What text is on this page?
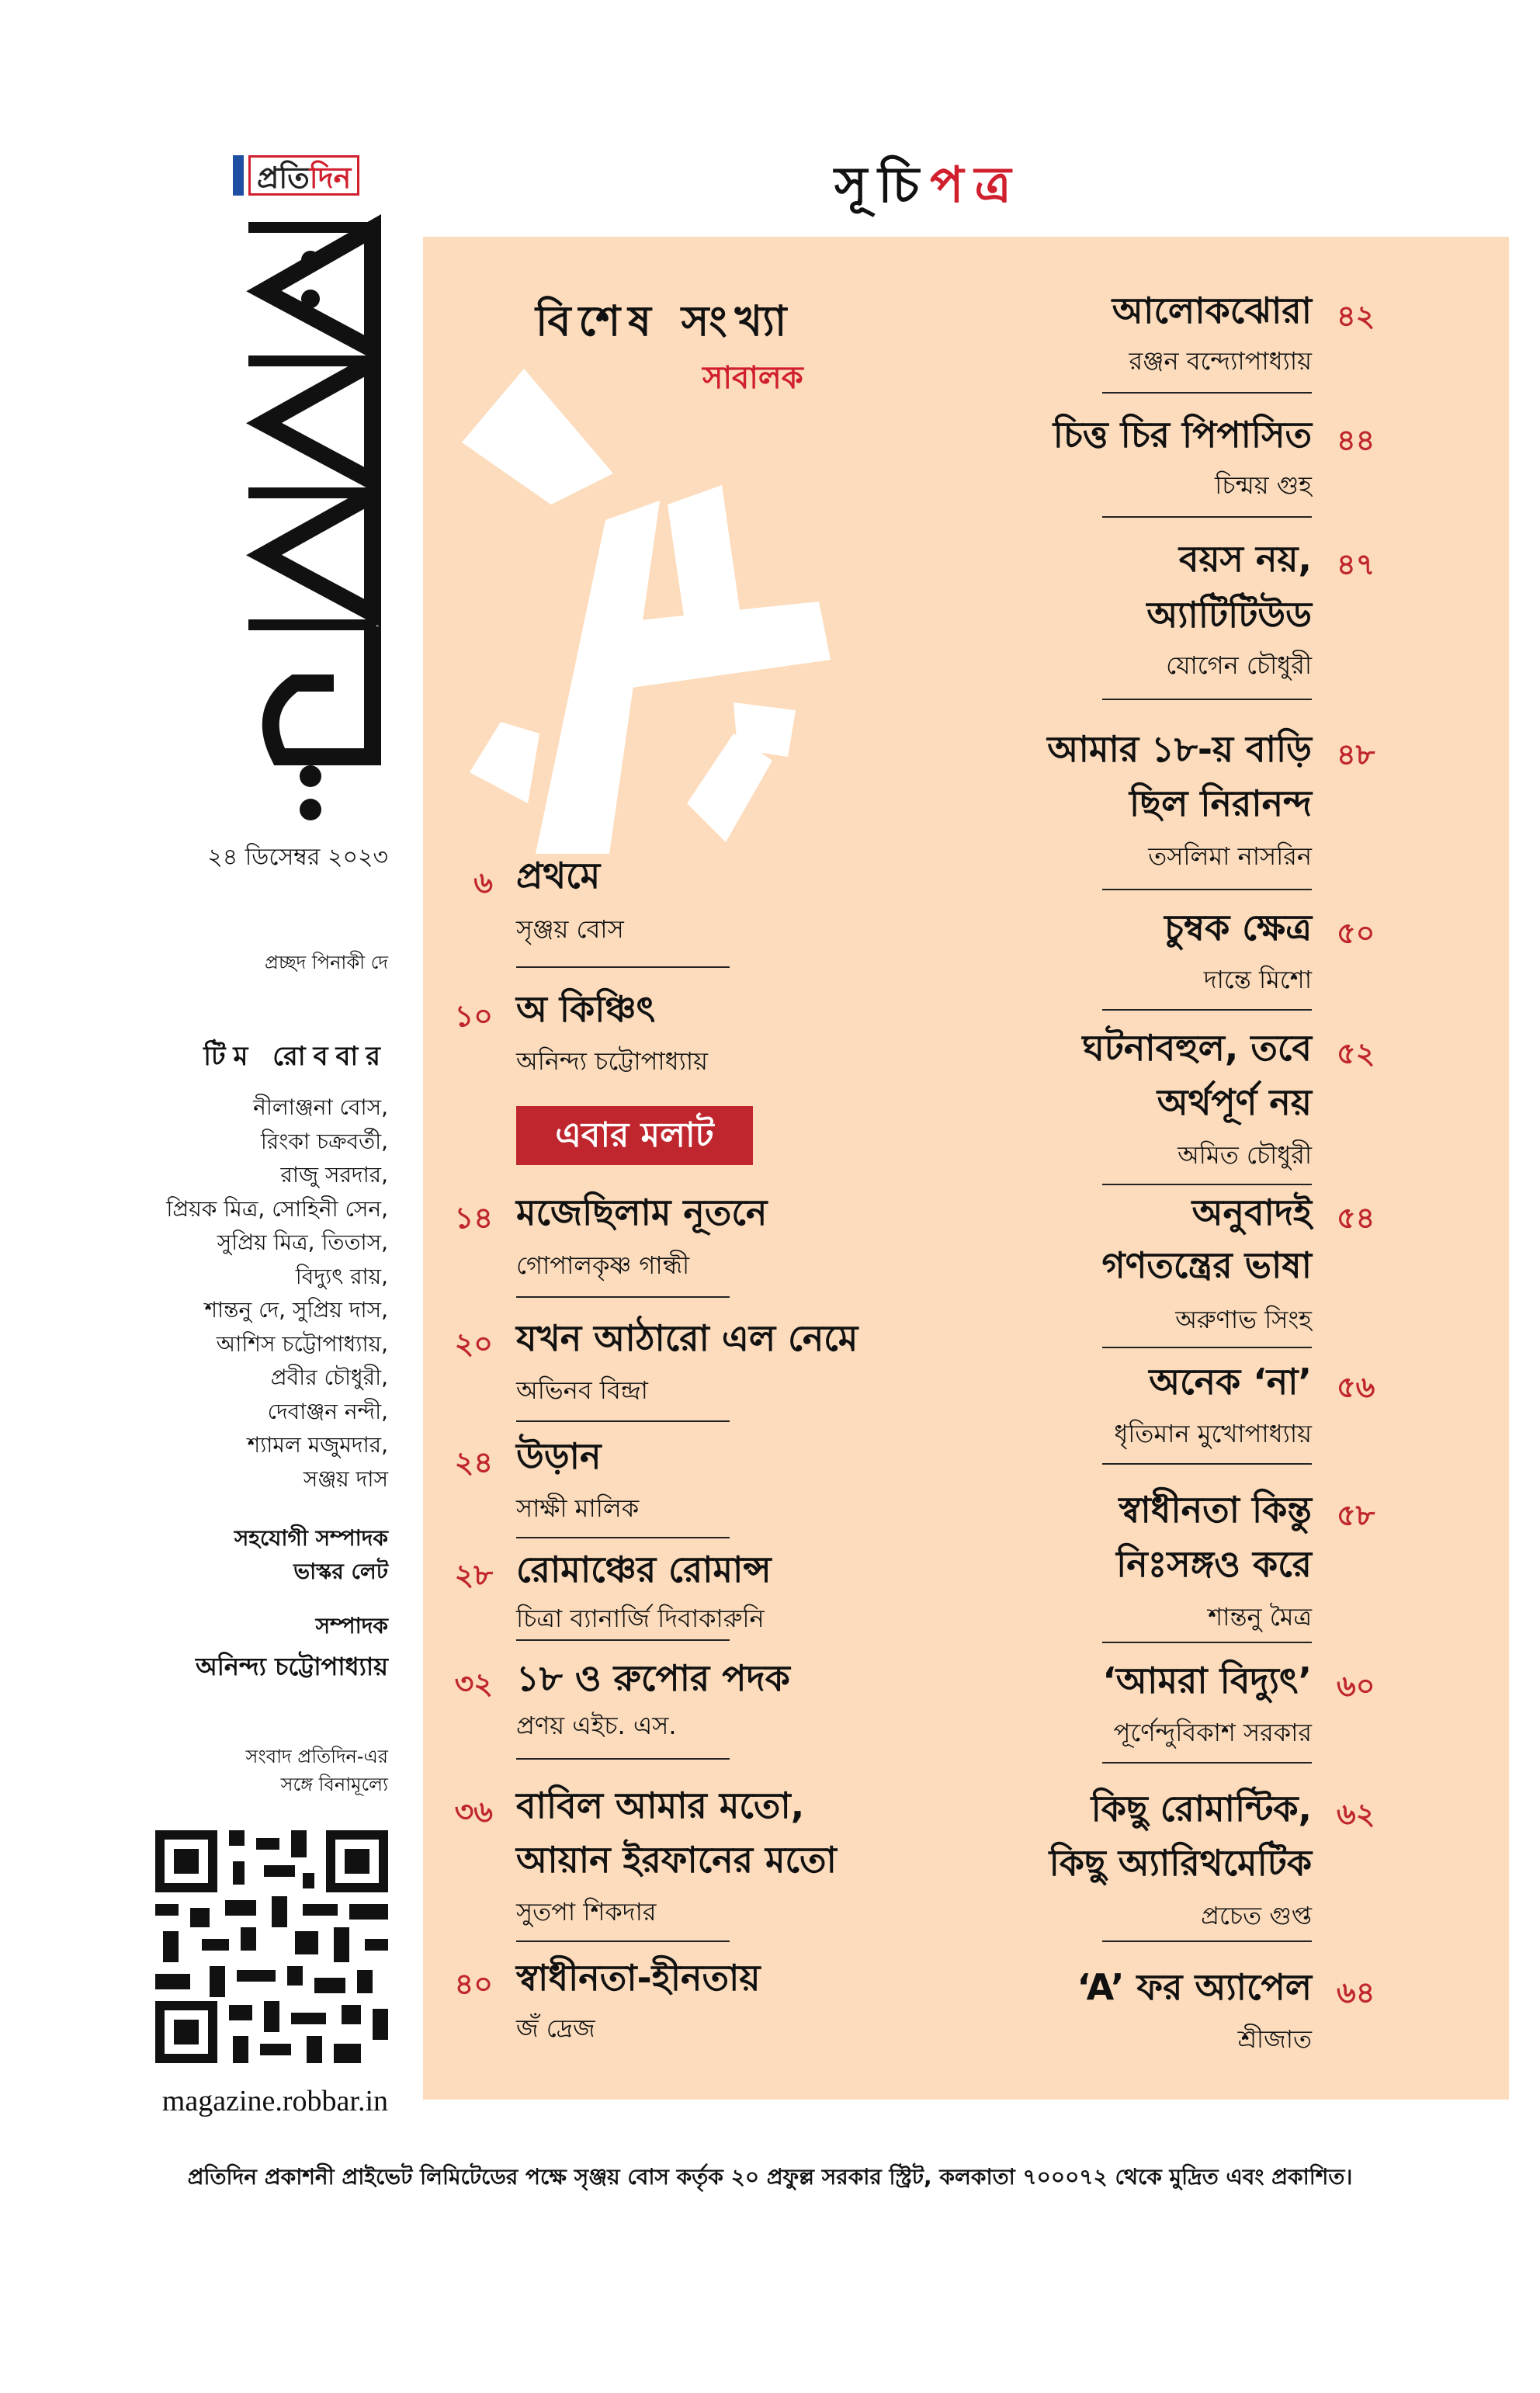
প্রতিদিন
২৪ ডিসেম্বর ২০২৩
প্রচ্ছদ পিনাকী দে
টিম রোববার
নীলাঞ্জনা বোস,
রিংকা চক্রবর্তী,
রাজু সরদার,
প্রিয়ক মিত্র, সোহিনী সেন,
সুপ্রিয় মিত্র, তিতাস,
বিদ্যুৎ রায়,
শান্তনু দে, সুপ্রিয় দাস,
আশিস চট্টোপাধ্যায়,
প্রবীর চৌধুরী,
দেবাঞ্জন নন্দী,
শ্যামল মজুমদার,
সঞ্জয় দাস
সহযোগী সম্পাদক
ভাস্কর লেট
সম্পাদক
অনিন্দ্য চট্টোপাধ্যায়
সংবাদ প্রতিদিন-এর
সঙ্গে বিনামূল্যে
magazine.robbar.in
সূচিপত্র
বিশেষ সংখ্যা
সাবালক
১৮
৬ প্রথমে
সৃঞ্জয় বোস
১০ অ কিঞ্চিৎ
অনিন্দ্য চট্টোপাধ্যায়
এবার মলাট
১৪ মজেছিলাম নূতনে
গোপালকৃষ্ণ গান্ধী
২০ যখন আঠারো এল নেমে
অভিনব বিন্দ্রা
২৪ উড়ান
সাক্ষী মালিক
২৮ রোমাঞ্চের রোমান্স
চিত্রা ব্যানার্জি দিবাকারুনি
৩২ ১৮ ও রুপোর পদক
প্রণয় এইচ. এস.
৩৬ বাবিল আমার মতো,
আয়ান ইরফানের মতো
সুতপা শিকদার
৪০ স্বাধীনতা-হীনতায়
জঁ দ্রেজ
আলোকঝোরা ৪২
রঞ্জন বন্দ্যোপাধ্যায়
চিত্ত চির পিপাসিত ৪৪
চিন্ময় গুহ
বয়স নয়, ৪৭
অ্যাটিটিউড
যোগেন চৌধুরী
আমার ১৮-য় বাড়ি ৪৮
ছিল নিরানন্দ
তসলিমা নাসরিন
চুম্বক ক্ষেত্র ৫০
দান্তে মিশো
ঘটনাবহুল, তবে ৫২
অর্থপূর্ণ নয়
অমিত চৌধুরী
অনুবাদই ৫৪
গণতন্ত্রের ভাষা
অরুণাভ সিংহ
অনেক ‘না’ ৫৬
ধৃতিমান মুখোপাধ্যায়
স্বাধীনতা কিন্তু ৫৮
নিঃসঙ্গও করে
শান্তনু মৈত্র
‘আমরা বিদ্যুৎ’ ৬০
পূর্ণেন্দুবিকাশ সরকার
কিছু রোমান্টিক, ৬২
কিছু অ্যারিথমেটিক
প্রচেত গুপ্ত
‘A’ ফর অ্যাপেল ৬৪
শ্রীজাত
প্রতিদিন প্রকাশনী প্রাইভেট লিমিটেডের পক্ষে সৃঞ্জয় বোস কর্তৃক ২০ প্রফুল্ল সরকার স্ট্রিট, কলকাতা ৭০০০৭২ থেকে মুদ্রিত এবং প্রকাশিত।
